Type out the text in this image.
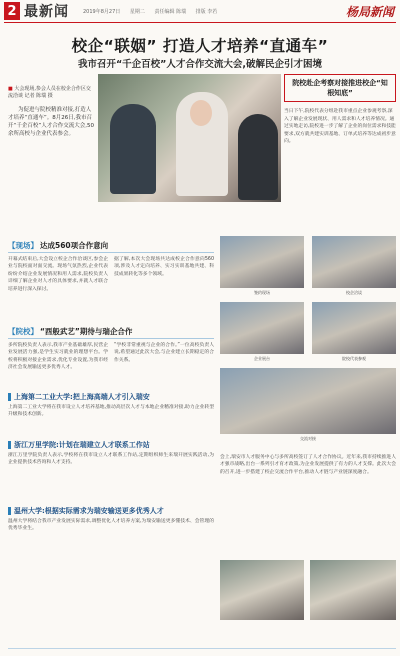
2 最新闻	2019年8月27日 星期二 责任编辑 陈瑞 排版 李若	杨局新闻
校企“联姻” 打造人才培养“直通车”
我市召开“千企百校”人才合作交流大会,破解民企引才困境
■ 大会现场,参会人员在校企合作区交流洽谈 记者 陈瑞 摄
为促进与院校精准对接,打造人才培养“直通车”。8月26日,我市召开“千企百校”人才合作交流大会,50余所高校与企业代表参会。
院校赴企考察对接推进校企“知根知底”
当日下午,院校代表分组赴我市重点企业参观考察,深入了解企业发展现状、用人需求和人才培养情况。通过实地走访,院校进一步了解了企业的岗位需求和技能要求,双方就共建实训基地、订单式培养等达成初步意向。
【现场】 达成560项合作意向
开幕式结束后,大会设立校企合作洽谈区,参会企业与院校面对面交流。现场气氛热烈,企业代表纷纷介绍企业发展情况和用人需求,院校负责人详细了解企业对人才的具体要求,并就人才联合培养进行深入探讨。
据了解,本次大会现场共达成校企合作意向560项,涉及人才定向培养、实习实训基地共建、科技成果转化等多个领域。
【院校】 “酉般武艺”期待与瑞企合作
多所院校负责人表示,我市产业基础雄厚,民营企业发展活力强,是学生实习就业的理想平台。学校将积极对接企业需求,优化专业设置,为我市经济社会发展输送更多优秀人才。
“学校非常重视与企业的合作。”一位高校负责人说,希望通过此次大会,与企业建立长期稳定的合作关系。
上海第二工业大学:把上海高端人才引入瑞安
上海第二工业大学将在我市设立人才培养基地,推动高层次人才与本地企业精准对接,助力企业转型升级和技术创新。
浙江万里学院:计划在瑞建立人才联系工作站
浙江万里学院负责人表示,学校将在我市设立人才联系工作站,定期组织师生来瑞开展实践活动,为企业提供技术咨询和人才支持。
温州大学:根据实际需求为瑞安输送更多优秀人才
温州大学将结合我市产业发展实际需求,调整优化人才培养方案,为瑞安输送更多懂技术、会管理的优秀毕业生。
签约现场	校企洽谈
企业展台	院校代表参观
交流对接
会上,瑞安市人才服务中心与多所高校签订了人才合作协议。近年来,我市持续推进人才强市战略,出台一系列引才育才政策,为企业发展提供了有力的人才支撑。此次大会的召开,进一步搭建了校企交流合作平台,推动人才链与产业链深度融合。
